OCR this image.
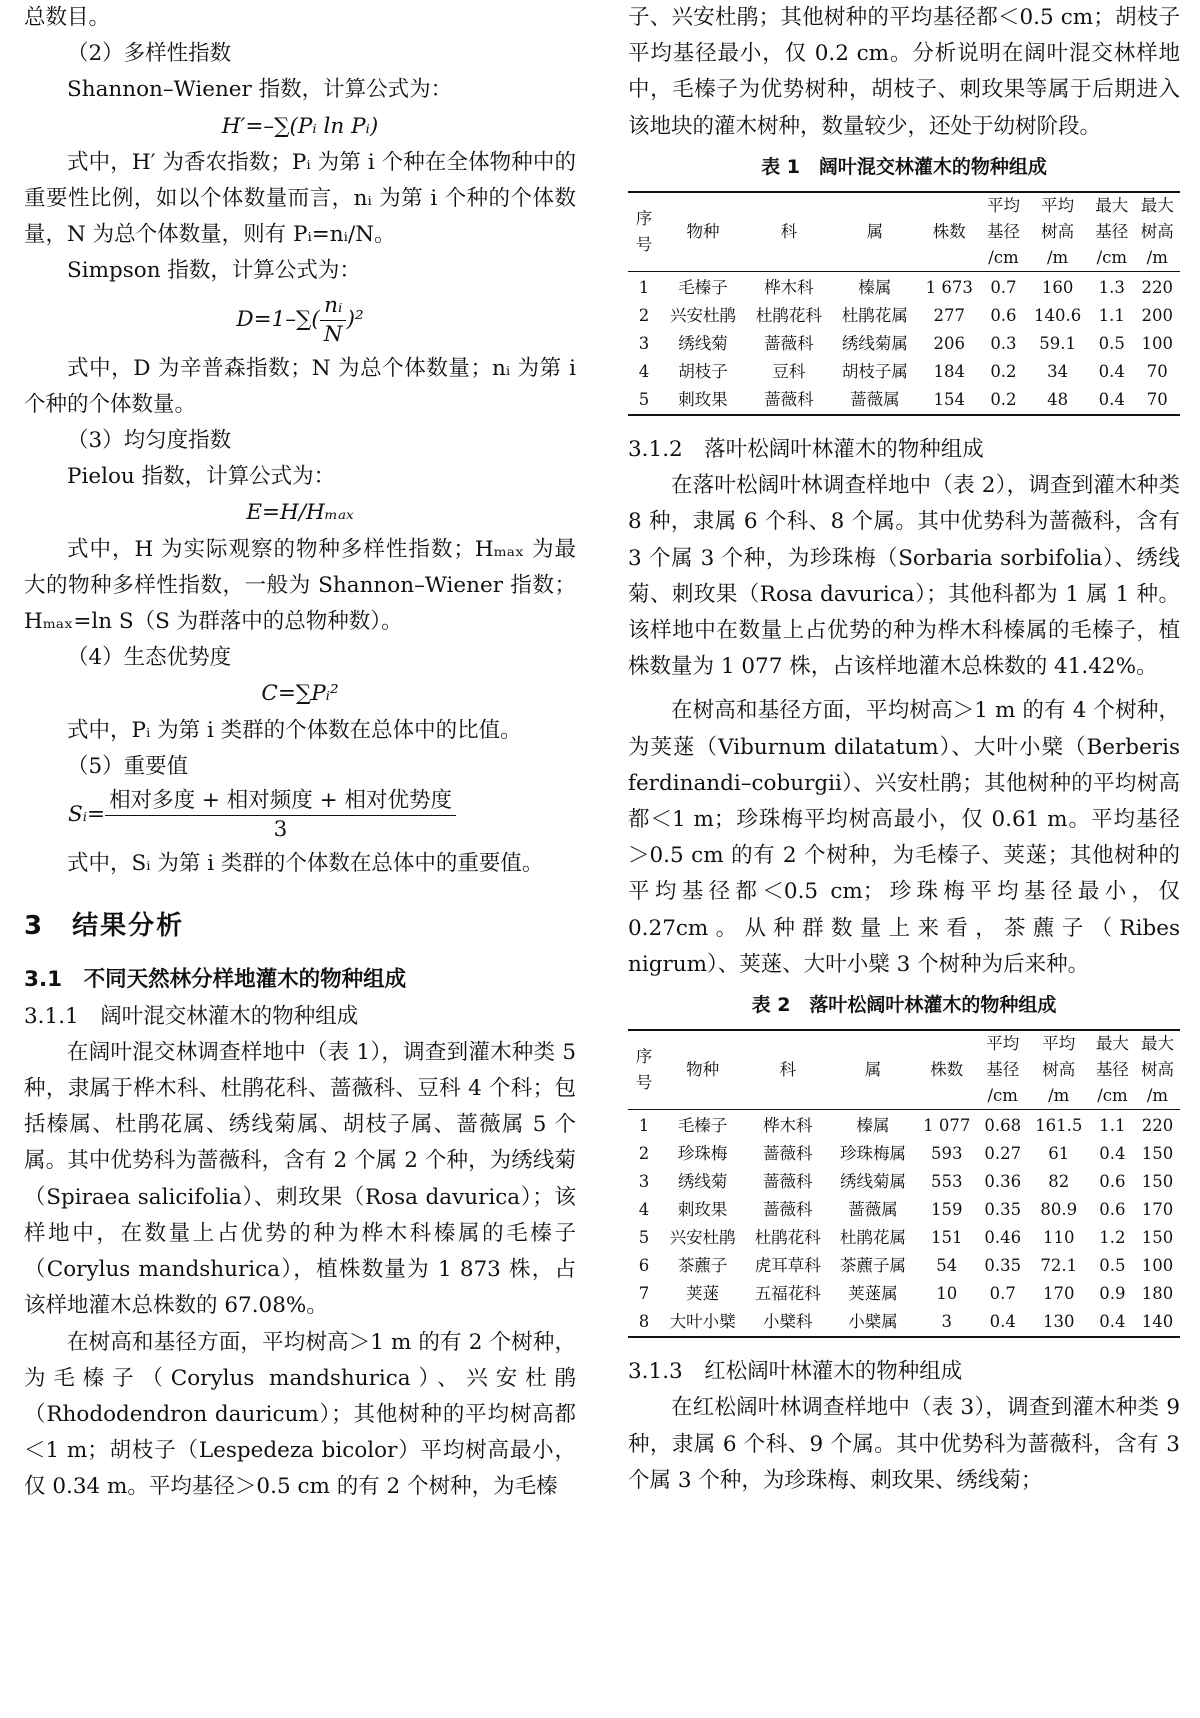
总数目。

（2）多样性指数

Shannon–Wiener 指数，计算公式为：

H′=–∑(Pᵢ ln Pᵢ)

式中，H′ 为香农指数；Pᵢ 为第 i 个种在全体物种中的重要性比例，如以个体数量而言，nᵢ 为第 i 个种的个体数量，N 为总个体数量，则有 Pᵢ=nᵢ/N。

Simpson 指数，计算公式为：

$D=1-\sum( \frac{\text{nᵢ}}{N} )^2$

式中，D 为辛普森指数；N 为总个体数量；nᵢ 为第 i 个种的个体数量。

（3）均匀度指数

Pielou 指数，计算公式为：

E=H/Hₘₐₓ

式中，H 为实际观察的物种多样性指数；Hₘₐₓ 为最大的物种多样性指数，一般为 Shannon–Wiener 指数；Hₘₐₓ=ln S（S 为群落中的总物种数）。

（4）生态优势度

C=∑Pᵢ²

式中，Pᵢ 为第 i 类群的个体数在总体中的比值。

（5）重要值

Sᵢ= $\frac{\text{相对多度 + 相对频度 + 相对优势度}}{3}$

式中，Sᵢ 为第 i 类群的个体数在总体中的重要值。

3　结果分析

3.1　不同天然林分样地灌木的物种组成

3.1.1　阔叶混交林灌木的物种组成

在阔叶混交林调查样地中（表 1），调查到灌木种类 5 种，隶属于桦木科、杜鹃花科、蔷薇科、豆科 4 个科；包括榛属、杜鹃花属、绣线菊属、胡枝子属、蔷薇属 5 个属。其中优势科为蔷薇科，含有 2 个属 2 个种，为绣线菊（Spiraea salicifolia）、刺玫果（Rosa davurica）；该样地中，在数量上占优势的种为桦木科榛属的毛榛子（Corylus mandshurica），植株数量为 1 873 株，占该样地灌木总株数的 67.08%。

在树高和基径方面，平均树高＞1 m 的有 2 个树种，为毛榛子（Corylus mandshurica）、兴安杜鹃（Rhododendron dauricum）；其他树种的平均树高都＜1 m；胡枝子（Lespedeza bicolor）平均树高最小，仅 0.34 m。平均基径＞0.5 cm 的有 2 个树种，为毛榛

子、兴安杜鹃；其他树种的平均基径都＜0.5 cm；胡枝子平均基径最小，仅 0.2 cm。分析说明在阔叶混交林样地中，毛榛子为优势树种，胡枝子、刺玫果等属于后期进入该地块的灌木树种，数量较少，还处于幼树阶段。

表 1　阔叶混交林灌木的物种组成

序号	物种	科	属	株数	平均	平均	最大	最大
					基径	树高	基径	树高
					/cm	/m	/cm	/m
1	毛榛子	桦木科	榛属	1 673	0.7	160	1.3	220
2	兴安杜鹃	杜鹃花科	杜鹃花属	277	0.6	140.6	1.1	200
3	绣线菊	蔷薇科	绣线菊属	206	0.3	59.1	0.5	100
4	胡枝子	豆科	胡枝子属	184	0.2	34	0.4	70
5	刺玫果	蔷薇科	蔷薇属	154	0.2	48	0.4	70

3.1.2　落叶松阔叶林灌木的物种组成

在落叶松阔叶林调查样地中（表 2），调查到灌木种类 8 种，隶属 6 个科、8 个属。其中优势科为蔷薇科，含有 3 个属 3 个种，为珍珠梅（Sorbaria sorbifolia）、绣线菊、刺玫果（Rosa davurica）；其他科都为 1 属 1 种。该样地中在数量上占优势的种为桦木科榛属的毛榛子，植株数量为 1 077 株，占该样地灌木总株数的 41.42%。

在树高和基径方面，平均树高＞1 m 的有 4 个树种，为荚蒾（Viburnum dilatatum）、大叶小檗（Berberis ferdinandi–coburgii）、兴安杜鹃；其他树种的平均树高都＜1 m；珍珠梅平均树高最小，仅 0.61 m。平均基径＞0.5 cm 的有 2 个树种，为毛榛子、荚蒾；其他树种的平均基径都＜0.5 cm；珍珠梅平均基径最小，仅 0.27cm。从种群数量上来看，茶藨子（Ribes nigrum）、荚蒾、大叶小檗 3 个树种为后来种。

表 2　落叶松阔叶林灌木的物种组成

序号	物种	科	属	株数	平均	平均	最大	最大
					基径	树高	基径	树高
					/cm	/m	/cm	/m
1	毛榛子	桦木科	榛属	1 077	0.68	161.5	1.1	220
2	珍珠梅	蔷薇科	珍珠梅属	593	0.27	61	0.4	150
3	绣线菊	蔷薇科	绣线菊属	553	0.36	82	0.6	150
4	刺玫果	蔷薇科	蔷薇属	159	0.35	80.9	0.6	170
5	兴安杜鹃	杜鹃花科	杜鹃花属	151	0.46	110	1.2	150
6	茶藨子	虎耳草科	茶藨子属	54	0.35	72.1	0.5	100
7	荚蒾	五福花科	荚蒾属	10	0.7	170	0.9	180
8	大叶小檗	小檗科	小檗属	3	0.4	130	0.4	140

3.1.3　红松阔叶林灌木的物种组成

在红松阔叶林调查样地中（表 3），调查到灌木种类 9 种，隶属 6 个科、9 个属。其中优势科为蔷薇科，含有 3 个属 3 个种，为珍珠梅、刺玫果、绣线菊；
